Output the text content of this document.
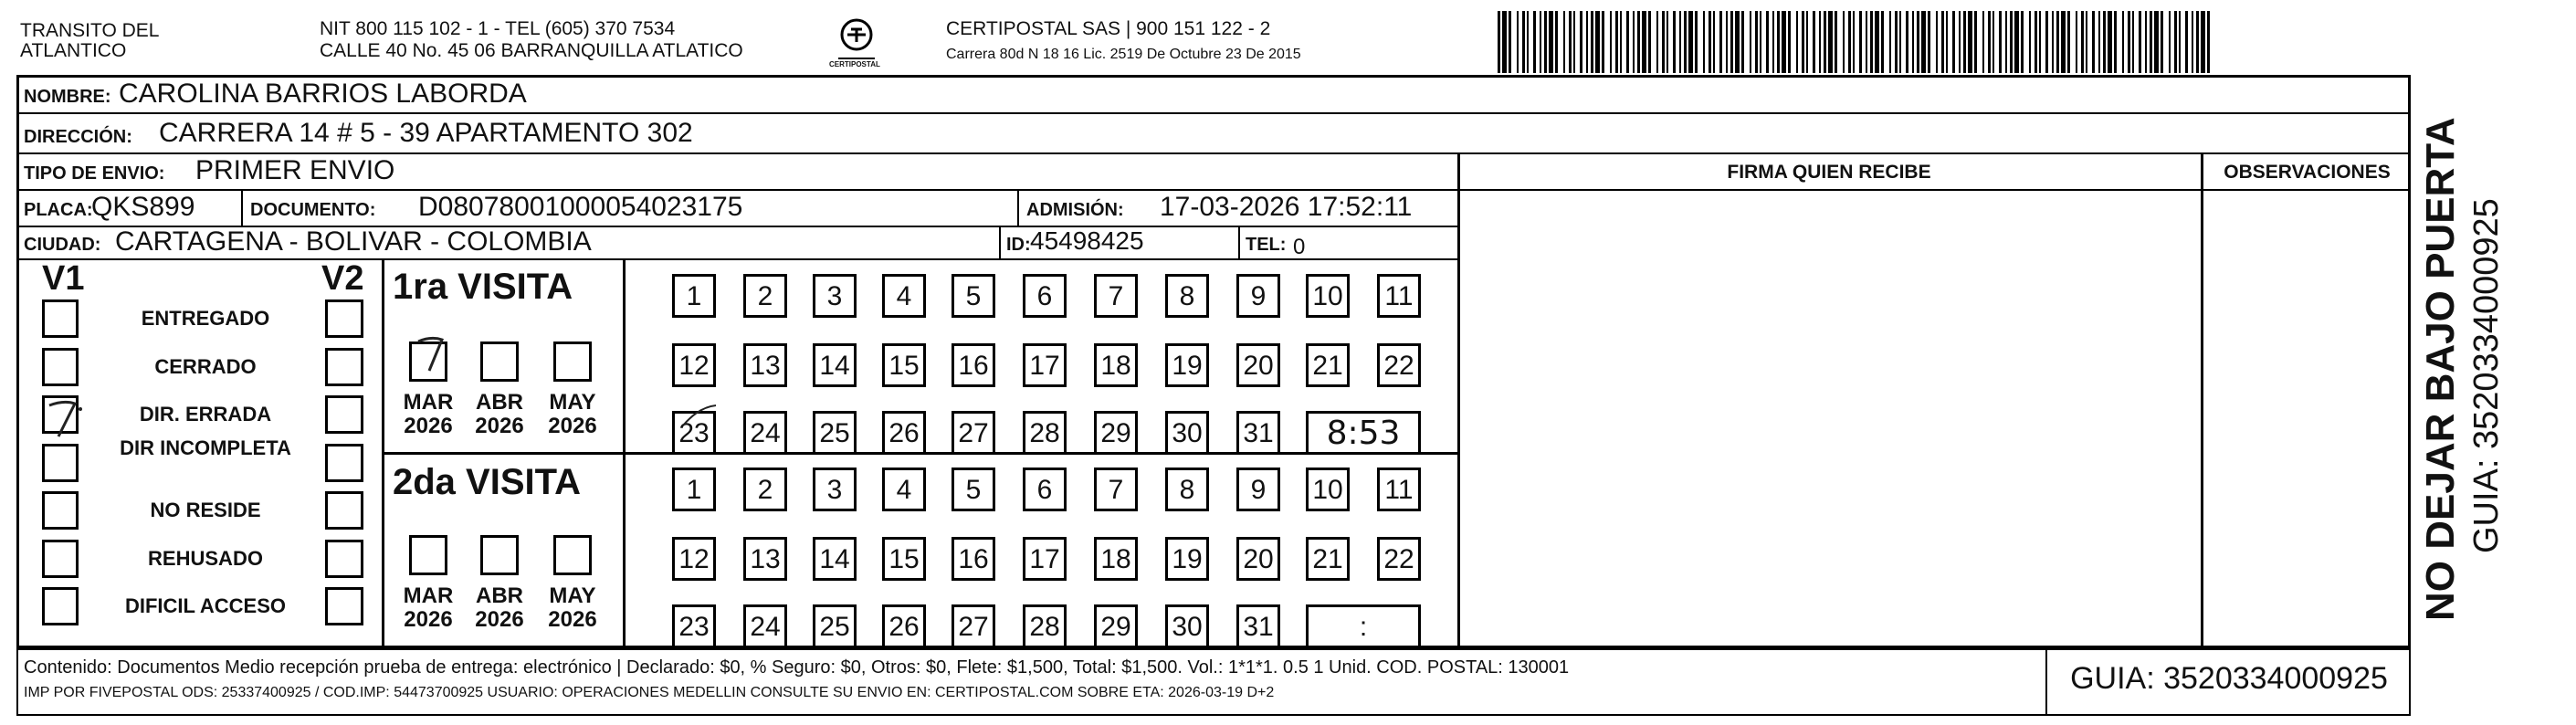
TRANSITO DEL
ATLANTICO
NIT 800 115 102 - 1 - TEL (605) 370 7534
CALLE 40 No. 45 06 BARRANQUILLA ATLATICO
CERTIPOSTAL
CERTIPOSTAL SAS | 900 151 122 - 2
Carrera 80d N 18 16 Lic. 2519 De Octubre 23 De 2015
NOMBRE: CAROLINA BARRIOS LABORDA
DIRECCIÓN: CARRERA 14 # 5 - 39 APARTAMENTO 302
TIPO DE ENVIO: PRIMER ENVIO	FIRMA QUIEN RECIBE	OBSERVACIONES
PLACA:
QKS899	DOCUMENTO: D08078001000054023175	ADMISIÓN: 17-03-2026 17:52:11
CIUDAD: CARTAGENA - BOLIVAR - COLOMBIA	ID: 45498425	TEL: 0
V1	V2
ENTREGADO
CERRADO
DIR. ERRADA
DIR INCOMPLETA
NO RESIDE
REHUSADO
DIFICIL ACCESO
1ra VISITA
2da VISITA
MAR
2026
ABR
2026
MAY
2026
1	2	3	4	5	6	7	8	9	10 11
12 13 14 15 16 17 18 19 20 21 22
23 24 25 26 27 28 29 30 31	8:53
MAR
2026
ABR
2026
MAY
2026
1	2	3	4	5	6	7	8	9	10 11
12 13 14 15 16 17 18 19 20 21 22
23 24 25 26 27 28 29 30 31	:
Contenido: Documentos Medio recepción prueba de entrega: electrónico | Declarado: $0, % Seguro: $0, Otros: $0, Flete: $1,500, Total: $1,500. Vol.: 1*1*1. 0.5 1 Unid. COD. POSTAL: 130001
IMP POR FIVEPOSTAL ODS: 25337400925 / COD.IMP: 54473700925 USUARIO: OPERACIONES MEDELLIN CONSULTE SU ENVIO EN: CERTIPOSTAL.COM SOBRE ETA: 2026-03-19 D+2	GUIA: 3520334000925
NO DEJAR BAJO PUERTA GUIA: 3520334000925
